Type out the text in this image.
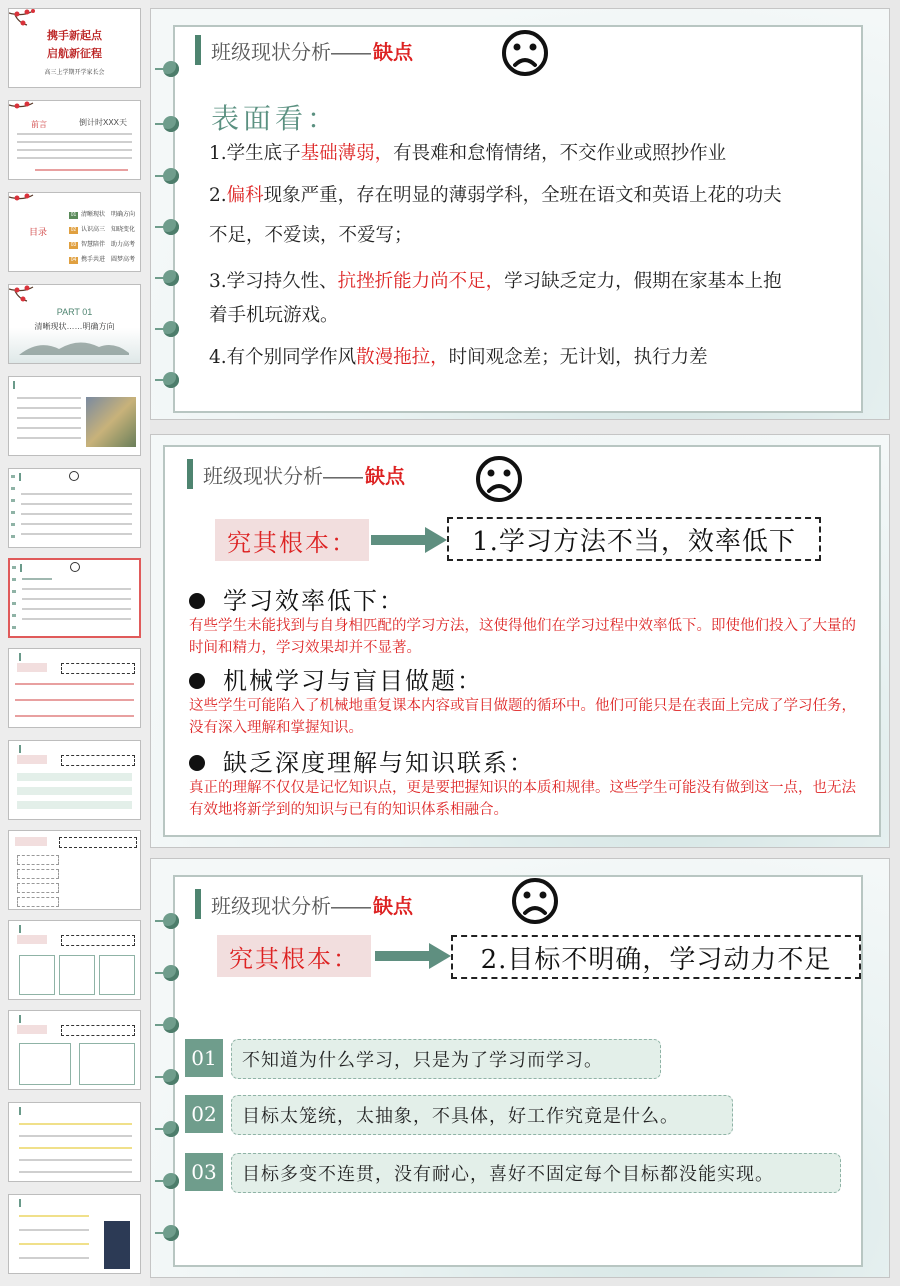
携手新起点
启航新征程
高三上学期开学家长会
前言	倒计时XXX天
目录
01 清晰现状　明确方向
02 认识高三　知晓变化
03 智慧陪伴　助力高考
04 携手共进　圆梦高考
PART 01
清晰现状……明确方向
班级现状分析—— 缺点
表面看：
1.学生底子基础薄弱，有畏难和怠惰情绪，不交作业或照抄作业
2.偏科现象严重，存在明显的薄弱学科，全班在语文和英语上花的功夫
不足，不爱读，不爱写；
3.学习持久性、抗挫折能力尚不足，学习缺乏定力，假期在家基本上抱
着手机玩游戏。
4.有个别同学作风散漫拖拉，时间观念差；无计划，执行力差
班级现状分析—— 缺点
究其根本：	1.学习方法不当，效率低下
学习效率低下：
有些学生未能找到与自身相匹配的学习方法，这使得他们在学习过程中效率低下。即使他们投入了大量的时间和精力，学习效果却并不显著。
机械学习与盲目做题：
这些学生可能陷入了机械地重复课本内容或盲目做题的循环中。他们可能只是在表面上完成了学习任务，没有深入理解和掌握知识。
缺乏深度理解与知识联系：
真正的理解不仅仅是记忆知识点，更是要把握知识的本质和规律。这些学生可能没有做到这一点，也无法有效地将新学到的知识与已有的知识体系相融合。
班级现状分析—— 缺点
究其根本：	2.目标不明确，学习动力不足
01	不知道为什么学习，只是为了学习而学习。
02	目标太笼统，太抽象，不具体，好工作究竟是什么。
03	目标多变不连贯，没有耐心，喜好不固定每个目标都没能实现。
